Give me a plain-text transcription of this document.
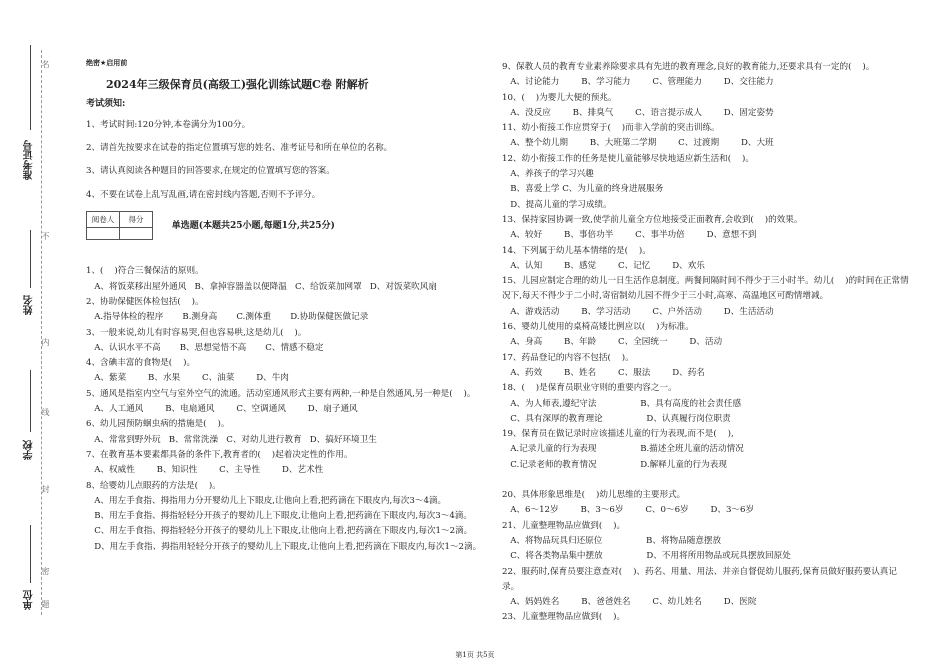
名
不
内
线
封
密
题
准考证号
姓名
学校
单位
绝密★启用前
2024年三级保育员(高级工)强化训练试题C卷 附解析
考试须知:

1、考试时间:120分钟,本卷满分为100分。

2、请首先按要求在试卷的指定位置填写您的姓名、准考证号和所在单位的名称。

3、请认真阅读各种题目的回答要求,在规定的位置填写您的答案。

4、不要在试卷上乱写乱画,请在密封线内答题,否则不予评分。

阅卷人	得分
	单选题(本题共25小题,每题1分,共25分)

1、(    )符合三餐保洁的原则。

A、将饭菜移出屋外通风   B、拿掉容器盖以便降温   C、给饭菜加网罩   D、对饭菜吹风扇

2、协助保健医体检包括(    )。

A.指导体检的程序       B.测身高       C.测体重       D.协助保健医做记录

3、一般来说,幼儿有时容易哭,但也容易哄,这是幼儿(    )。

A、认识水平不高       B、思想觉悟不高       C、情感不稳定

4、含碘丰富的食物是(    )。

A、紫菜        B、水果        C、油菜        D、牛肉

5、通风是指室内空气与室外空气的流通。活动室通风形式主要有两种,一种是自然通风,另一种是(    )。

A、人工通风        B、电扇通风        C、空调通风        D、扇子通风

6、幼儿园预防蛔虫病的措施是(    )。

A、常常到野外玩   B、常常洗澡   C、对幼儿进行教育   D、搞好环境卫生

7、在教育基本要素都具备的条件下,教育者的(    )起着决定性的作用。

A、权威性        B、知识性        C、主导性        D、艺术性

8、给婴幼儿点眼药的方法是(    )。

A、用左手食指、拇指用力分开婴幼儿上下眼皮,让他向上看,把药滴在下眼皮内,每次3～4滴。

B、用左手食指、拇指轻轻分开孩子的婴幼儿上下眼皮,让他向上看,把药滴在下眼皮内,每次3～4滴。

C、用左手食指、拇指轻轻分开孩子的婴幼儿上下眼皮,让他向上看,把药滴在下眼皮内,每次1～2滴。

D、用左手食指、拇指用轻轻分开孩子的婴幼儿上下眼皮,让他向上看,把药滴在下眼皮内,每次1～2滴。

9、保教人员的教育专业素养除要求具有先进的教育理念,良好的教育能力,还要求具有一定的(    )。

A、讨论能力        B、学习能力        C、管理能力        D、交往能力

10、(    )为婴儿大便的预兆。

A、没反应        B、排臭气        C、语言提示成人        D、固定姿势

11、幼小衔接工作应贯穿于(    )而非入学前的突击训练。

A、整个幼儿期        B、大班第二学期        C、过渡期        D、大班

12、幼小衔接工作的任务是使儿童能够尽快地适应新生活和(    )。

A、养孩子的学习兴趣

B、喜爱上学 C、为儿童的终身进展服务

D、提高儿童的学习成绩。

13、保持家园协调一致,使学前儿童全方位地接受正面教育,会收到(    )的效果。

A、较好        B、事倍功半        C、事半功倍        D、意想不到

14、下列属于幼儿基本情绪的是(    )。

A、认知        B、感觉        C、记忆        D、欢乐

15、儿园应制定合理的幼儿一日生活作息制度。两餐间隔时间不得少于三小时半。幼儿(    )的时间在正常情况下,每天不得少于二小时,寄宿制幼儿园不得少于三小时,高寒、高温地区可酌情增减。

A、游戏活动        B、学习活动        C、户外活动        D、生活活动

16、婴幼儿使用的桌椅高矮比例应以(    )为标准。

A、身高        B、年龄        C、全园统一        D、活动

17、药品登记的内容不包括(    )。

A、药效        B、姓名        C、服法        D、药名

18、(    )是保育员职业守则的重要内容之一。

A、为人师表,遵纪守法                B、具有高度的社会责任感

C、具有深厚的教育理论                D、认真履行岗位职责

19、保育员在做记录时应该描述儿童的行为表现,而不是(    ),

A.记录儿童的行为表现                B.描述全班儿童的活动情况

C.记录老师的教育情况                D.解释儿童的行为表现

20、具体形象思维是(    )幼儿思维的主要形式。

A、6～12岁        B、3～6岁        C、0～6岁        D、3～6岁

21、儿童整理物品应做到(    )。

A、将物品玩具归还原位                B、将物品随意摆放

C、将各类物品集中摆放                D、不用将所用物品或玩具摆放回原处

22、服药时,保育员要注意查对(    )、药名、用量、用法、并亲自督促幼儿服药,保育员做好服药要认真记录。

A、妈妈姓名        B、爸爸姓名        C、幼儿姓名        D、医院

23、儿童整理物品应做到(    )。

第1页 共5页
